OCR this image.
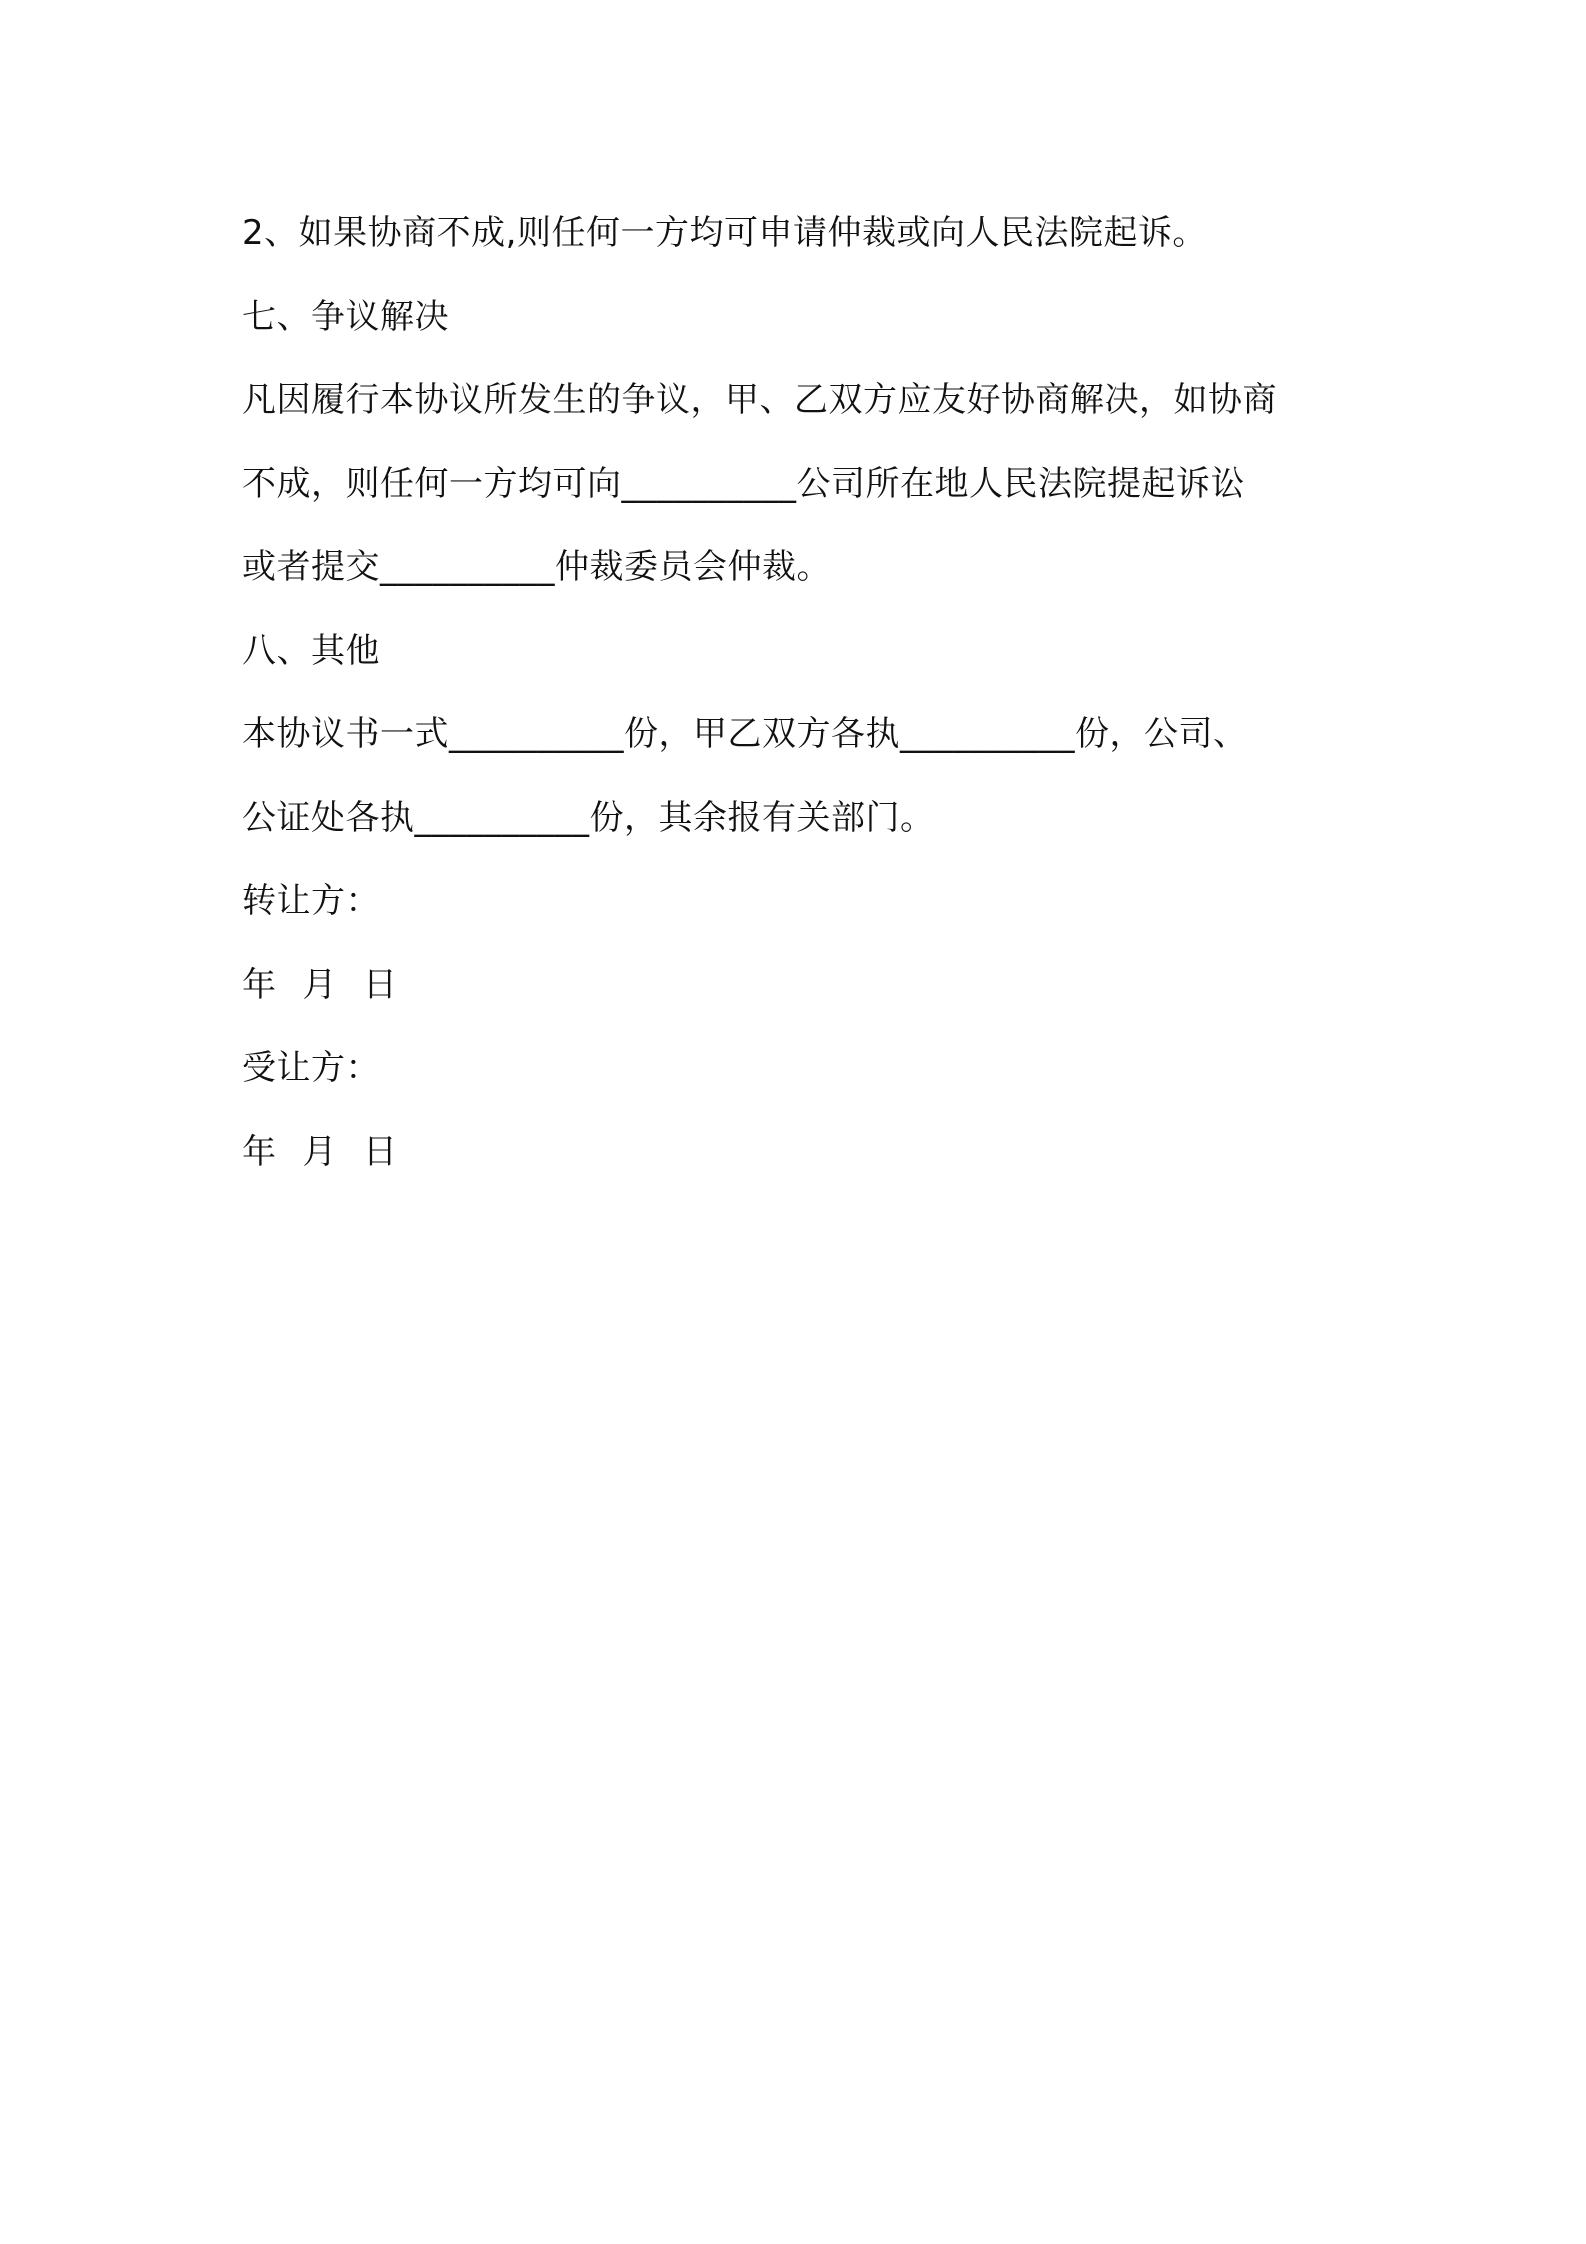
2、如果协商不成,则任何一方均可申请仲裁或向人民法院起诉。

七、争议解决

凡因履行本协议所发生的争议，甲、乙双方应友好协商解决，如协商

不成，则任何一方均可向__________公司所在地人民法院提起诉讼

或者提交__________仲裁委员会仲裁。

八、其他

本协议书一式__________份，甲乙双方各执__________份，公司、

公证处各执__________份，其余报有关部门。

转让方：

年 月 日

受让方：

年 月 日
